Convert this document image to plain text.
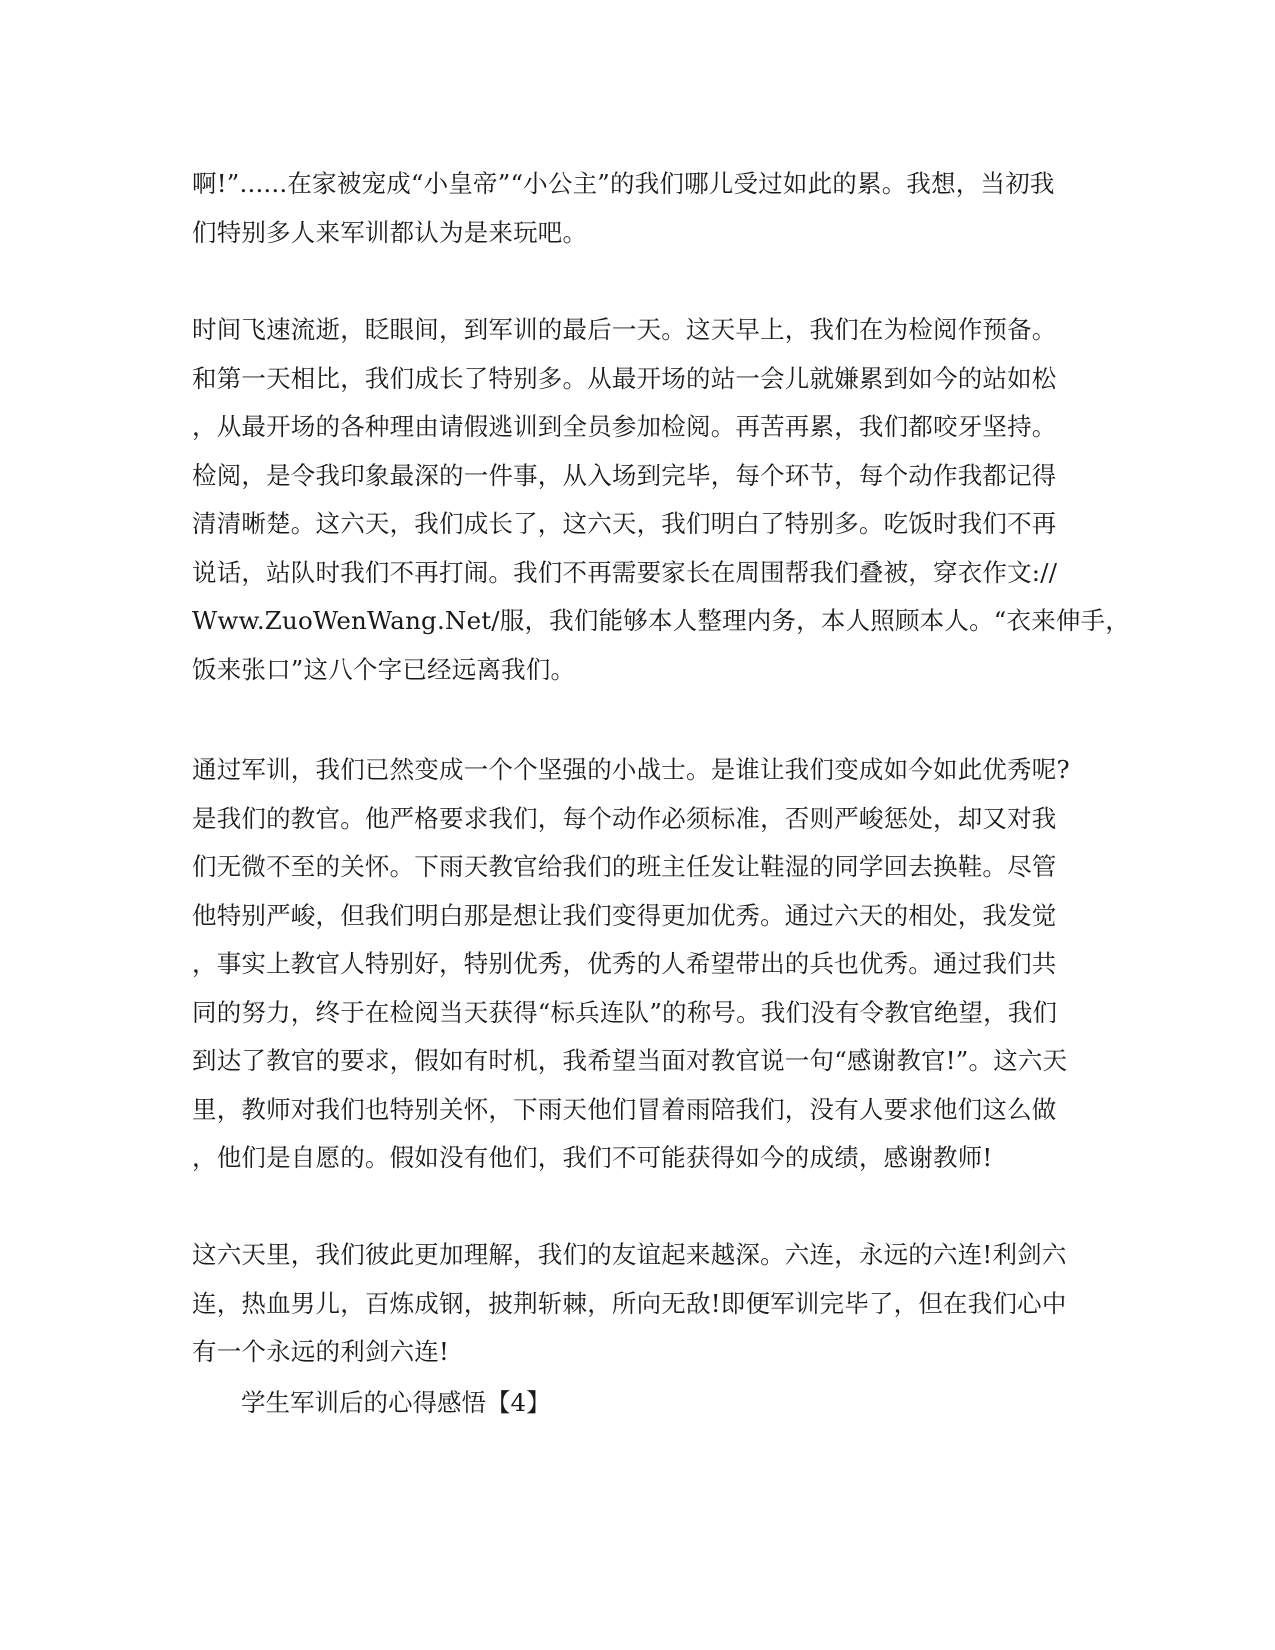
啊!”......在家被宠成“小皇帝”“小公主”的我们哪儿受过如此的累。我想，当初我
们特别多人来军训都认为是来玩吧。
时间飞速流逝，眨眼间，到军训的最后一天。这天早上，我们在为检阅作预备。
和第一天相比，我们成长了特别多。从最开场的站一会儿就嫌累到如今的站如松
，从最开场的各种理由请假逃训到全员参加检阅。再苦再累，我们都咬牙坚持。
检阅，是令我印象最深的一件事，从入场到完毕，每个环节，每个动作我都记得
清清晰楚。这六天，我们成长了，这六天，我们明白了特别多。吃饭时我们不再
说话，站队时我们不再打闹。我们不再需要家长在周围帮我们叠被，穿衣作文://
Www.ZuoWenWang.Net/服，我们能够本人整理内务，本人照顾本人。“衣来伸手，
饭来张口”这八个字已经远离我们。
通过军训，我们已然变成一个个坚强的小战士。是谁让我们变成如今如此优秀呢?
是我们的教官。他严格要求我们，每个动作必须标准，否则严峻惩处，却又对我
们无微不至的关怀。下雨天教官给我们的班主任发让鞋湿的同学回去换鞋。尽管
他特别严峻，但我们明白那是想让我们变得更加优秀。通过六天的相处，我发觉
，事实上教官人特别好，特别优秀，优秀的人希望带出的兵也优秀。通过我们共
同的努力，终于在检阅当天获得“标兵连队”的称号。我们没有令教官绝望，我们
到达了教官的要求，假如有时机，我希望当面对教官说一句“感谢教官!”。这六天
里，教师对我们也特别关怀，下雨天他们冒着雨陪我们，没有人要求他们这么做
，他们是自愿的。假如没有他们，我们不可能获得如今的成绩，感谢教师!
这六天里，我们彼此更加理解，我们的友谊起来越深。六连，永远的六连!利剑六
连，热血男儿，百炼成钢，披荆斩棘，所向无敌!即便军训完毕了，但在我们心中
有一个永远的利剑六连!
学生军训后的心得感悟【4】
